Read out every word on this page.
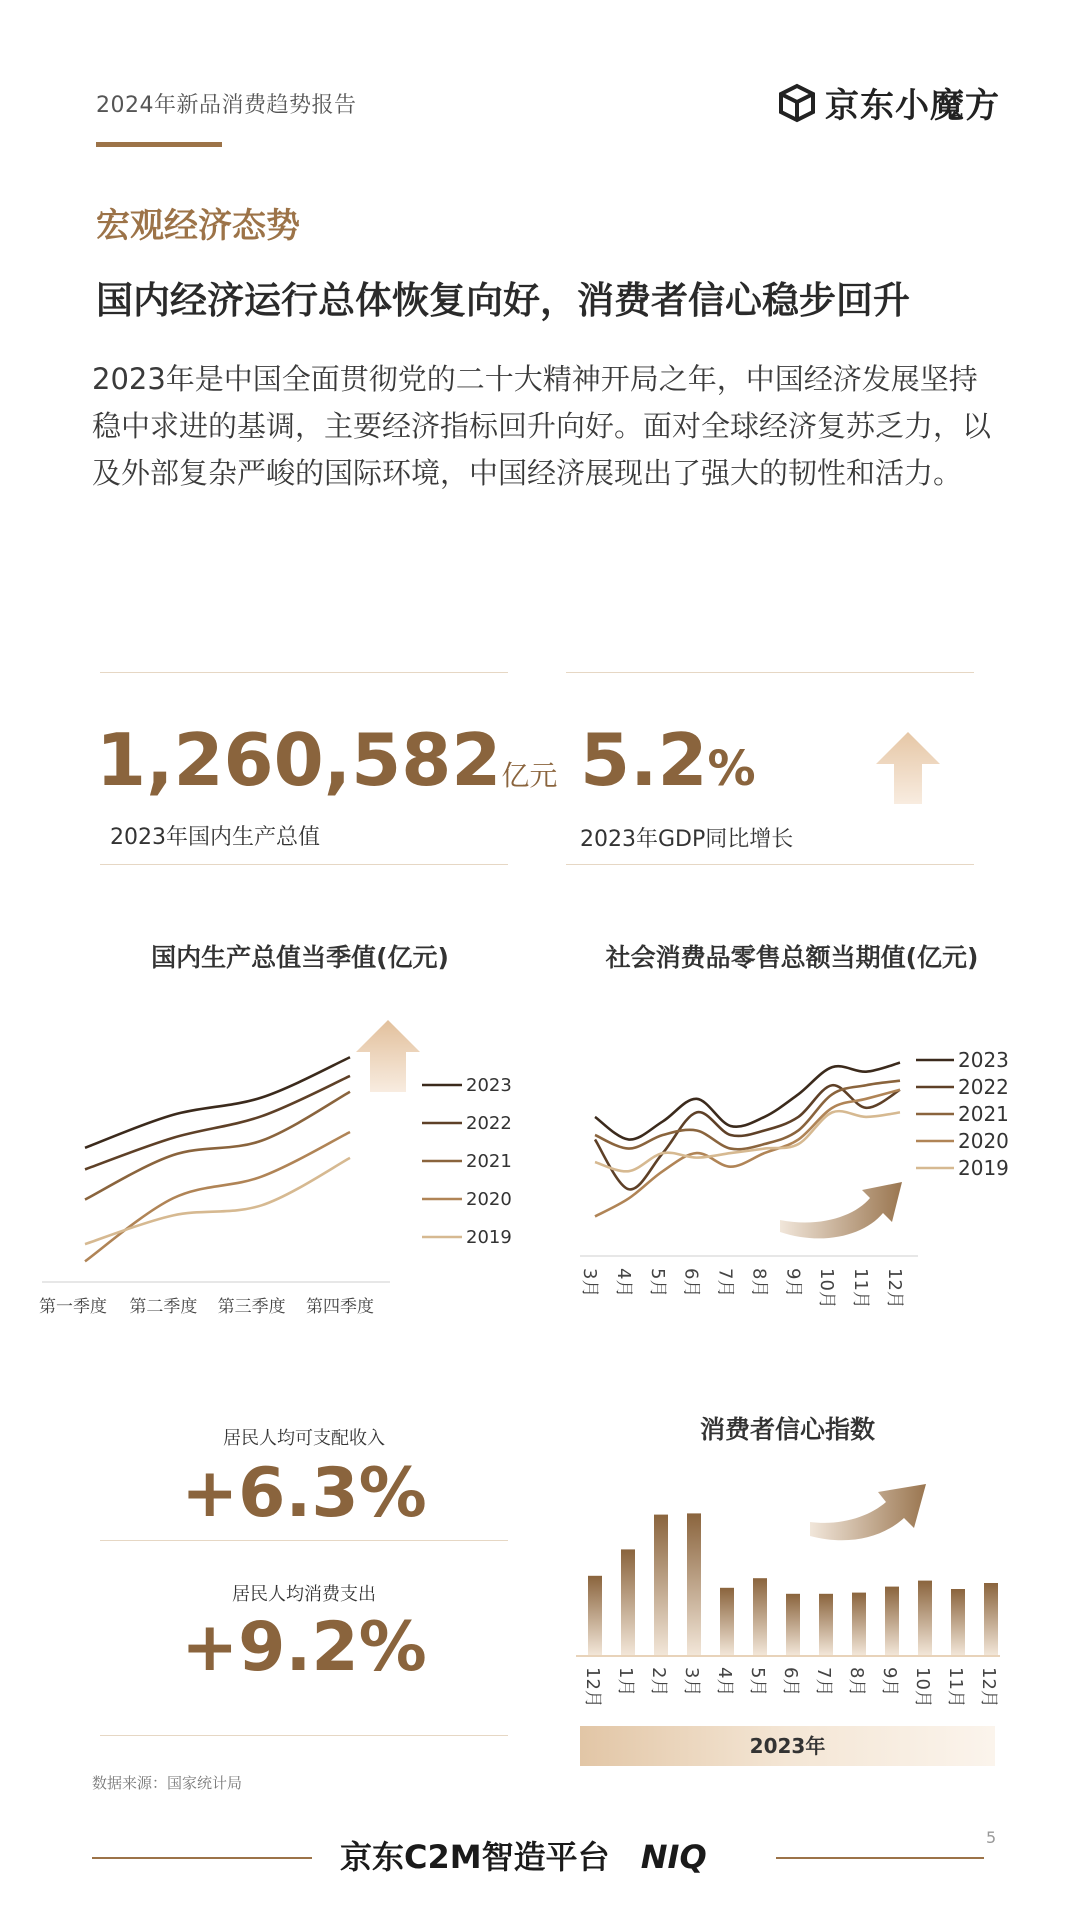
2024年新品消费趋势报告	京东小魔方
宏观经济态势
国内经济运行总体恢复向好，消费者信心稳步回升
2023年是中国全面贯彻党的二十大精神开局之年，中国经济发展坚持稳中求进的基调，主要经济指标回升向好。面对全球经济复苏乏力，以及外部复杂严峻的国际环境，中国经济展现出了强大的韧性和活力。
1,260,582亿元
2023年国内生产总值
5.2%
2023年GDP同比增长
国内生产总值当季值(亿元)
第一季度 第二季度 第三季度 第四季度
2023
2022
2021
2020
2019
社会消费品零售总额当期值(亿元)
3月 4月 5月 6月 7月 8月 9月 10月 11月 12月
2023
2022
2021
2020
2019
居民人均可支配收入
+6.3%
居民人均消费支出
+9.2%
消费者信心指数
12月 1月 2月 3月 4月 5月 6月 7月 8月 9月 10月 11月 12月
2023年
数据来源：国家统计局
京东C2M智造平台 NIQ
5
